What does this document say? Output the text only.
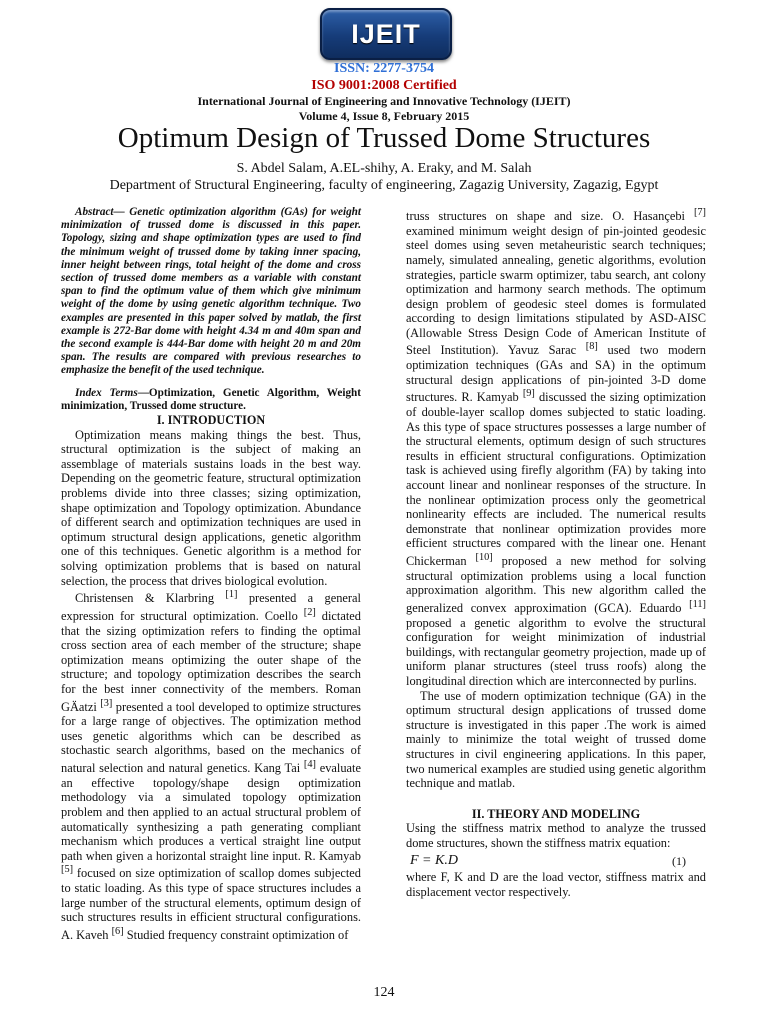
IJEIT
ISSN: 2277-3754
ISO 9001:2008 Certified
International Journal of Engineering and Innovative Technology (IJEIT)
Volume 4, Issue 8, February 2015
Optimum Design of Trussed Dome Structures
S. Abdel Salam, A.EL-shihy, A. Eraky, and M. Salah
Department of Structural Engineering, faculty of engineering, Zagazig University, Zagazig, Egypt

Abstract— Genetic optimization algorithm (GAs) for weight minimization of trussed dome is discussed in this paper. Topology, sizing and shape optimization types are used to find the minimum weight of trussed dome by taking inner spacing, inner height between rings, total height of the dome and cross section of trussed dome members as a variable with constant span to find the optimum value of them which give minimum weight of the dome by using genetic algorithm technique. Two examples are presented in this paper solved by matlab, the first example is 272-Bar dome with height 4.34 m and 40m span and the second example is 444-Bar dome with height 20 m and 20m span. The results are compared with previous researches to emphasize the benefit of the used technique.

Index Terms—Optimization, Genetic Algorithm, Weight minimization, Trussed dome structure.

I. INTRODUCTION

Optimization means making things the best. Thus, structural optimization is the subject of making an assemblage of materials sustains loads in the best way. Depending on the geometric feature, structural optimization problems divide into three classes; sizing optimization, shape optimization and Topology optimization. Abundance of different search and optimization techniques are used in optimum structural design applications, genetic algorithm one of this techniques. Genetic algorithm is a method for solving optimization problems that is based on natural selection, the process that drives biological evolution.

Christensen & Klarbring [1] presented a general expression for structural optimization. Coello [2] dictated that the sizing optimization refers to finding the optimal cross section area of each member of the structure; shape optimization means optimizing the outer shape of the structure; and topology optimization describes the search for the best inner connectivity of the members. Roman GÄatzi [3] presented a tool developed to optimize structures for a large range of objectives. The optimization method uses genetic algorithms which can be described as stochastic search algorithms, based on the mechanics of natural selection and natural genetics. Kang Tai [4] evaluate an effective topology/shape design optimization methodology via a simulated topology optimization problem and then applied to an actual structural problem of automatically synthesizing a path generating compliant mechanism which produces a vertical straight line output path when given a horizontal straight line input. R. Kamyab [5] focused on size optimization of scallop domes subjected to static loading. As this type of space structures includes a large number of the structural elements, optimum design of such structures results in efficient structural configurations. A. Kaveh [6] Studied frequency constraint optimization of

truss structures on shape and size. O. Hasançebi [7] examined minimum weight design of pin-jointed geodesic steel domes using seven metaheuristic search techniques; namely, simulated annealing, genetic algorithms, evolution strategies, particle swarm optimizer, tabu search, ant colony optimization and harmony search methods. The optimum design problem of geodesic steel domes is formulated according to design limitations stipulated by ASD-AISC (Allowable Stress Design Code of American Institute of Steel Institution). Yavuz Sarac [8] used two modern optimization techniques (GAs and SA) in the optimum structural design applications of pin-jointed 3-D dome structures. R. Kamyab [9] discussed the sizing optimization of double-layer scallop domes subjected to static loading. As this type of space structures possesses a large number of the structural elements, optimum design of such structures results in efficient structural configurations. Optimization task is achieved using firefly algorithm (FA) by taking into account linear and nonlinear responses of the structure. In the nonlinear optimization process only the geometrical nonlinearity effects are included. The numerical results demonstrate that nonlinear optimization provides more efficient structures compared with the linear one. Henant Chickerman [10] proposed a new method for solving structural optimization problems using a local function approximation algorithm. This new algorithm called the generalized convex approximation (GCA). Eduardo [11] proposed a genetic algorithm to evolve the structural configuration for weight minimization of industrial buildings, with rectangular geometry projection, made up of uniform planar structures (steel truss roofs) along the longitudinal direction which are interconnected by purlins.

The use of modern optimization technique (GA) in the optimum structural design applications of trussed dome structure is investigated in this paper .The work is aimed mainly to minimize the total weight of trussed dome structures in civil engineering applications. In this paper, two numerical examples are studied using genetic algorithm technique and matlab.

II. THEORY AND MODELING

Using the stiffness matrix method to analyze the trussed dome structures, shown the stiffness matrix equation:

F = K.D	(1)

where F, K and D are the load vector, stiffness matrix and displacement vector respectively.

124
